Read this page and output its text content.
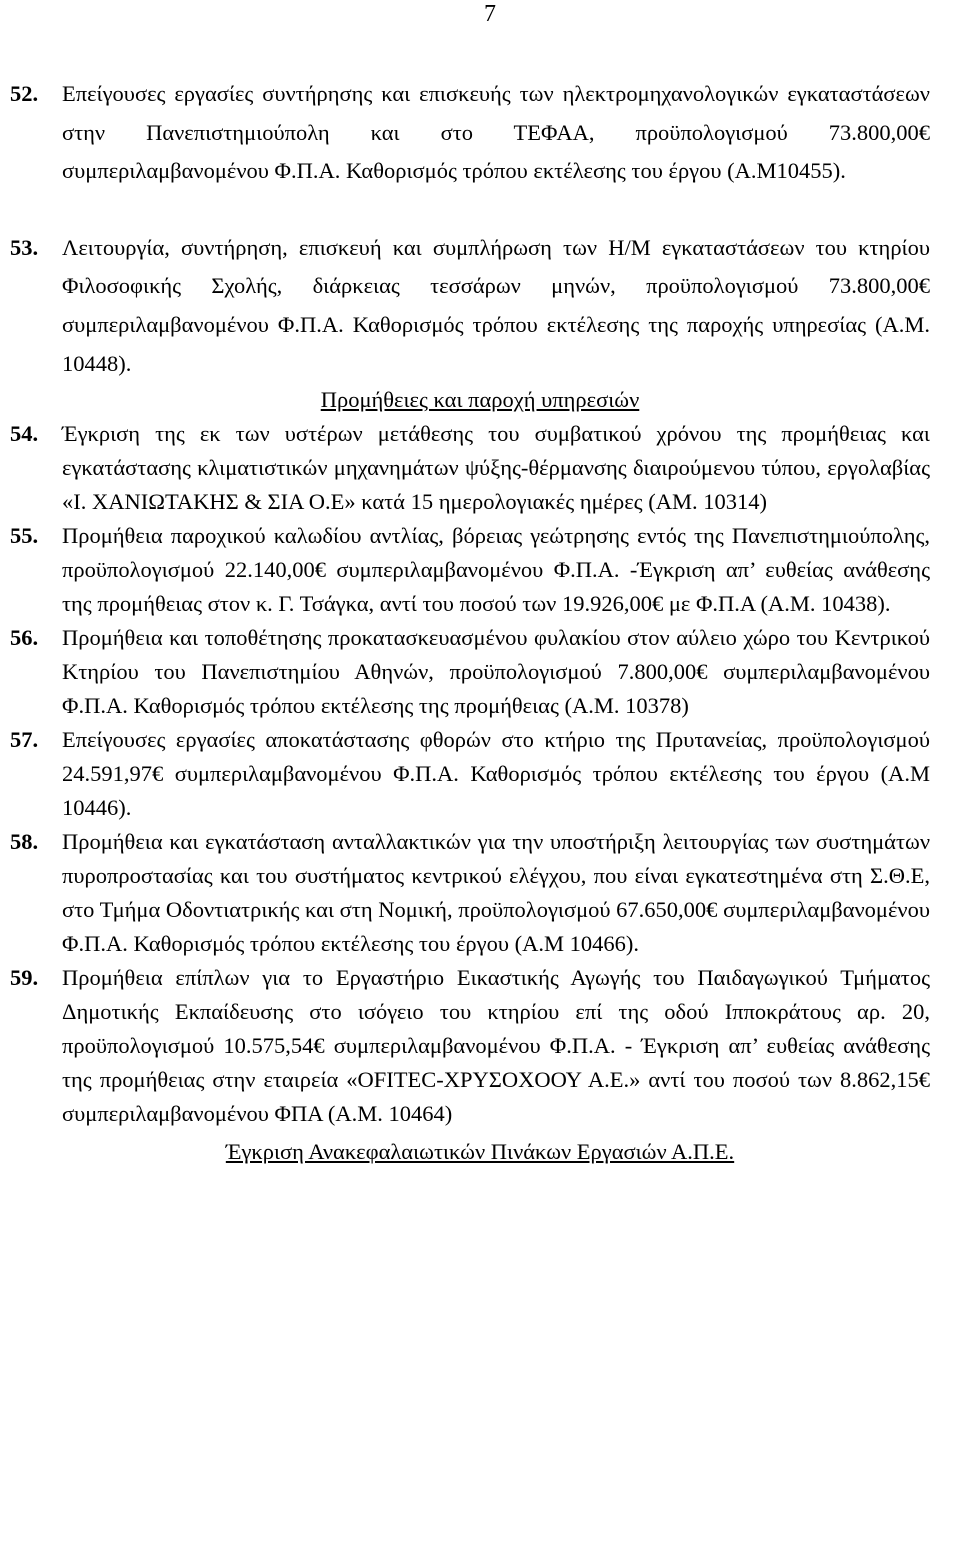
7
52. Επείγουσες εργασίες συντήρησης και επισκευής των ηλεκτρομηχανολογικών εγκαταστάσεων στην Πανεπιστημιούπολη και στο ΤΕΦΑΑ, προϋπολογισμού 73.800,00€ συμπεριλαμβανομένου Φ.Π.Α. Καθορισμός τρόπου εκτέλεσης του έργου (Α.Μ10455).
53. Λειτουργία, συντήρηση, επισκευή και συμπλήρωση των Η/Μ εγκαταστάσεων του κτηρίου Φιλοσοφικής Σχολής, διάρκειας τεσσάρων μηνών, προϋπολογισμού 73.800,00€ συμπεριλαμβανομένου Φ.Π.Α. Καθορισμός τρόπου εκτέλεσης της παροχής υπηρεσίας (Α.Μ. 10448).
Προμήθειες και παροχή υπηρεσιών
54. Έγκριση της εκ των υστέρων μετάθεσης του συμβατικού χρόνου της προμήθειας και εγκατάστασης κλιματιστικών μηχανημάτων ψύξης-θέρμανσης διαιρούμενου τύπου, εργολαβίας «Ι. ΧΑΝΙΩΤΑΚΗΣ & ΣΙΑ Ο.Ε» κατά 15 ημερολογιακές ημέρες (ΑΜ. 10314)
55. Προμήθεια παροχικού καλωδίου αντλίας, βόρειας γεώτρησης εντός της Πανεπιστημιούπολης, προϋπολογισμού 22.140,00€ συμπεριλαμβανομένου Φ.Π.Α. -Έγκριση απ’ ευθείας ανάθεσης της προμήθειας στον κ. Γ. Τσάγκα, αντί του ποσού των 19.926,00€ με Φ.Π.Α (Α.Μ. 10438).
56. Προμήθεια και τοποθέτησης προκατασκευασμένου φυλακίου στον αύλειο χώρο του Κεντρικού Κτηρίου του Πανεπιστημίου Αθηνών, προϋπολογισμού 7.800,00€ συμπεριλαμβανομένου Φ.Π.Α. Καθορισμός τρόπου εκτέλεσης της προμήθειας (Α.Μ. 10378)
57. Επείγουσες εργασίες αποκατάστασης φθορών στο κτήριο της Πρυτανείας, προϋπολογισμού 24.591,97€ συμπεριλαμβανομένου Φ.Π.Α. Καθορισμός τρόπου εκτέλεσης του έργου (Α.Μ 10446).
58. Προμήθεια και εγκατάσταση ανταλλακτικών για την υποστήριξη λειτουργίας των συστημάτων πυροπροστασίας και του συστήματος κεντρικού ελέγχου, που είναι εγκατεστημένα στη Σ.Θ.Ε, στο Τμήμα Οδοντιατρικής και στη Νομική, προϋπολογισμού 67.650,00€ συμπεριλαμβανομένου Φ.Π.Α. Καθορισμός τρόπου εκτέλεσης του έργου (Α.Μ 10466).
59. Προμήθεια επίπλων για το Εργαστήριο Εικαστικής Αγωγής του Παιδαγωγικού Τμήματος Δημοτικής Εκπαίδευσης στο ισόγειο του κτηρίου επί της οδού Ιπποκράτους αρ. 20, προϋπολογισμού 10.575,54€ συμπεριλαμβανομένου Φ.Π.Α. - Έγκριση απ’ ευθείας ανάθεσης της προμήθειας στην εταιρεία «OFITEC-ΧΡΥΣΟΧΟΟΥ Α.Ε.» αντί του ποσού των 8.862,15€ συμπεριλαμβανομένου ΦΠΑ (Α.Μ. 10464)
Έγκριση Ανακεφαλαιωτικών Πινάκων Εργασιών Α.Π.Ε.
